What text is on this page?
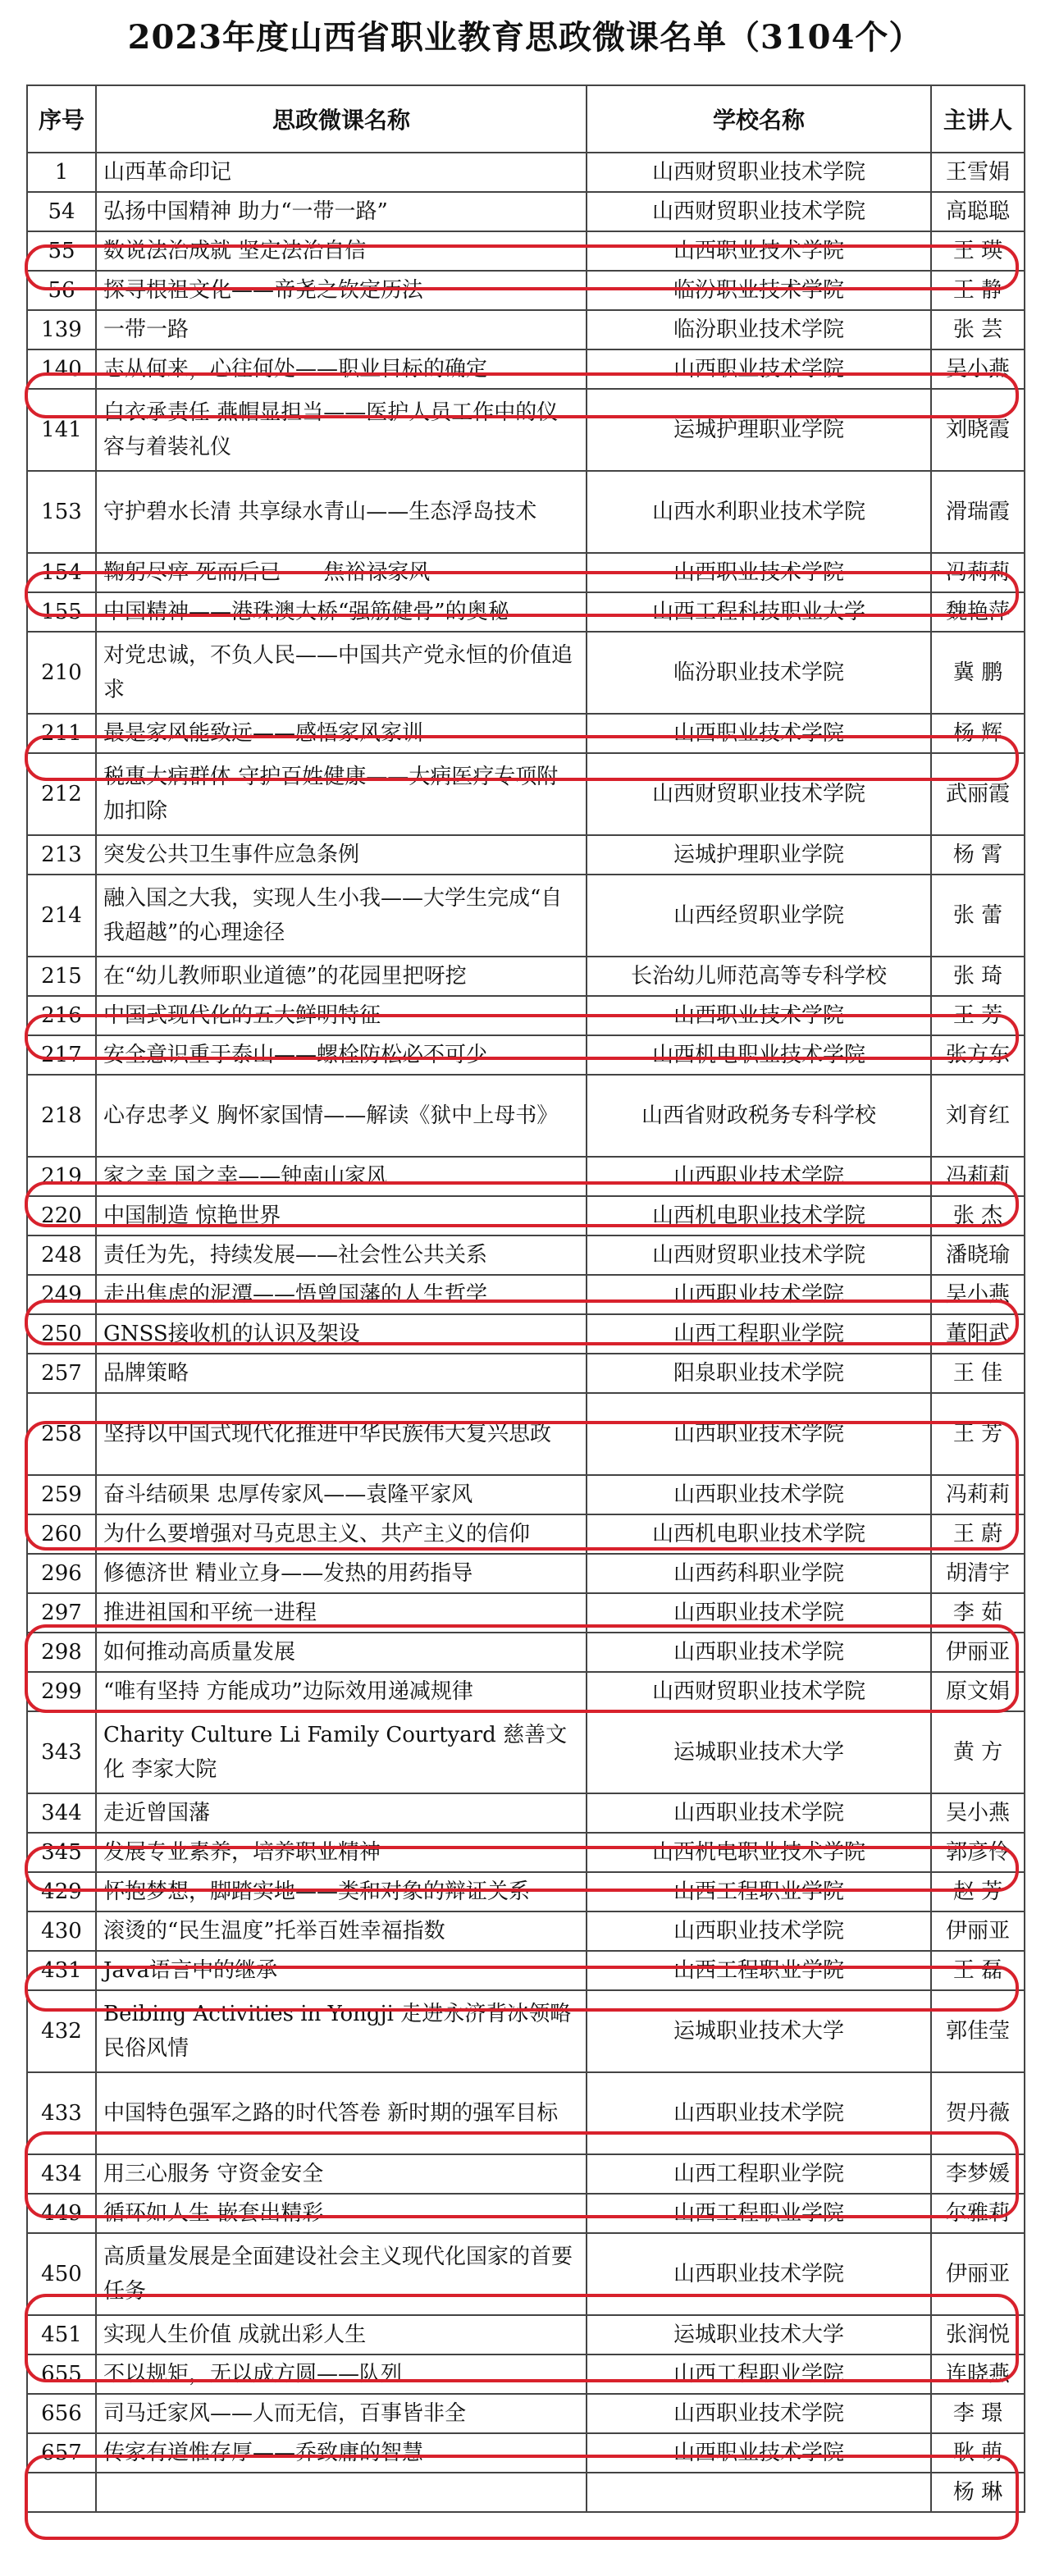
2023年度山西省职业教育思政微课名单（3104个）
序号	思政微课名称	学校名称	主讲人
1	山西革命印记	山西财贸职业技术学院	王雪娟
54	弘扬中国精神 助力“一带一路”	山西财贸职业技术学院	高聪聪
55	数说法治成就 坚定法治自信	山西职业技术学院	王 瑛
56	探寻根祖文化——帝尧之钦定历法	临汾职业技术学院	王 静
139	一带一路	临汾职业技术学院	张 芸
140	志从何来，心往何处——职业目标的确定	山西职业技术学院	吴小燕
141	白衣承责任 燕帽显担当——医护人员工作中的仪容与着装礼仪	运城护理职业学院	刘晓霞
153	守护碧水长清 共享绿水青山——生态浮岛技术	山西水利职业技术学院	滑瑞霞
154	鞠躬尽瘁 死而后已——焦裕禄家风	山西职业技术学院	冯莉莉
155	中国精神——港珠澳大桥“强筋健骨”的奥秘	山西工程科技职业大学	魏艳萍
210	对党忠诚，不负人民——中国共产党永恒的价值追求	临汾职业技术学院	冀 鹏
211	最是家风能致远——感悟家风家训	山西职业技术学院	杨 辉
212	税惠大病群体 守护百姓健康——大病医疗专项附加扣除	山西财贸职业技术学院	武丽霞
213	突发公共卫生事件应急条例	运城护理职业学院	杨 霄
214	融入国之大我，实现人生小我——大学生完成“自我超越”的心理途径	山西经贸职业学院	张 蕾
215	在“幼儿教师职业道德”的花园里把呀挖	长治幼儿师范高等专科学校	张 琦
216	中国式现代化的五大鲜明特征	山西职业技术学院	王 芳
217	安全意识重于泰山——螺栓防松必不可少	山西机电职业技术学院	张方东
218	心存忠孝义 胸怀家国情——解读《狱中上母书》	山西省财政税务专科学校	刘育红
219	家之幸 国之幸——钟南山家风	山西职业技术学院	冯莉莉
220	中国制造 惊艳世界	山西机电职业技术学院	张 杰
248	责任为先，持续发展——社会性公共关系	山西财贸职业技术学院	潘晓瑜
249	走出焦虑的泥潭——悟曾国藩的人生哲学	山西职业技术学院	吴小燕
250	GNSS接收机的认识及架设	山西工程职业学院	董阳武
257	品牌策略	阳泉职业技术学院	王 佳
258	坚持以中国式现代化推进中华民族伟大复兴思政	山西职业技术学院	王 芳
259	奋斗结硕果 忠厚传家风——袁隆平家风	山西职业技术学院	冯莉莉
260	为什么要增强对马克思主义、共产主义的信仰	山西机电职业技术学院	王 蔚
296	修德济世 精业立身——发热的用药指导	山西药科职业学院	胡清宇
297	推进祖国和平统一进程	山西职业技术学院	李 茹
298	如何推动高质量发展	山西职业技术学院	伊丽亚
299	“唯有坚持 方能成功”边际效用递减规律	山西财贸职业技术学院	原文娟
343	Charity Culture Li Family Courtyard 慈善文化 李家大院	运城职业技术大学	黄 方
344	走近曾国藩	山西职业技术学院	吴小燕
345	发展专业素养，培养职业精神	山西机电职业技术学院	郭彦伶
429	怀抱梦想，脚踏实地——类和对象的辩证关系	山西工程职业学院	赵 芳
430	滚烫的“民生温度”托举百姓幸福指数	山西职业技术学院	伊丽亚
431	Java语言中的继承	山西工程职业学院	王 磊
432	Beibing Activities in Yongji 走进永济背冰领略民俗风情	运城职业技术大学	郭佳莹
433	中国特色强军之路的时代答卷 新时期的强军目标	山西职业技术学院	贺丹薇
434	用三心服务 守资金安全	山西工程职业学院	李梦媛
449	循环如人生 嵌套出精彩	山西工程职业学院	尔雅莉
450	高质量发展是全面建设社会主义现代化国家的首要任务	山西职业技术学院	伊丽亚
451	实现人生价值 成就出彩人生	运城职业技术大学	张润悦
655	不以规矩，无以成方圆——队列	山西工程职业学院	连晓燕
656	司马迁家风——人而无信，百事皆非全	山西职业技术学院	李 璟
657	传家有道惟存厚——乔致庸的智慧	山西职业技术学院	耿 萌
			杨 琳
